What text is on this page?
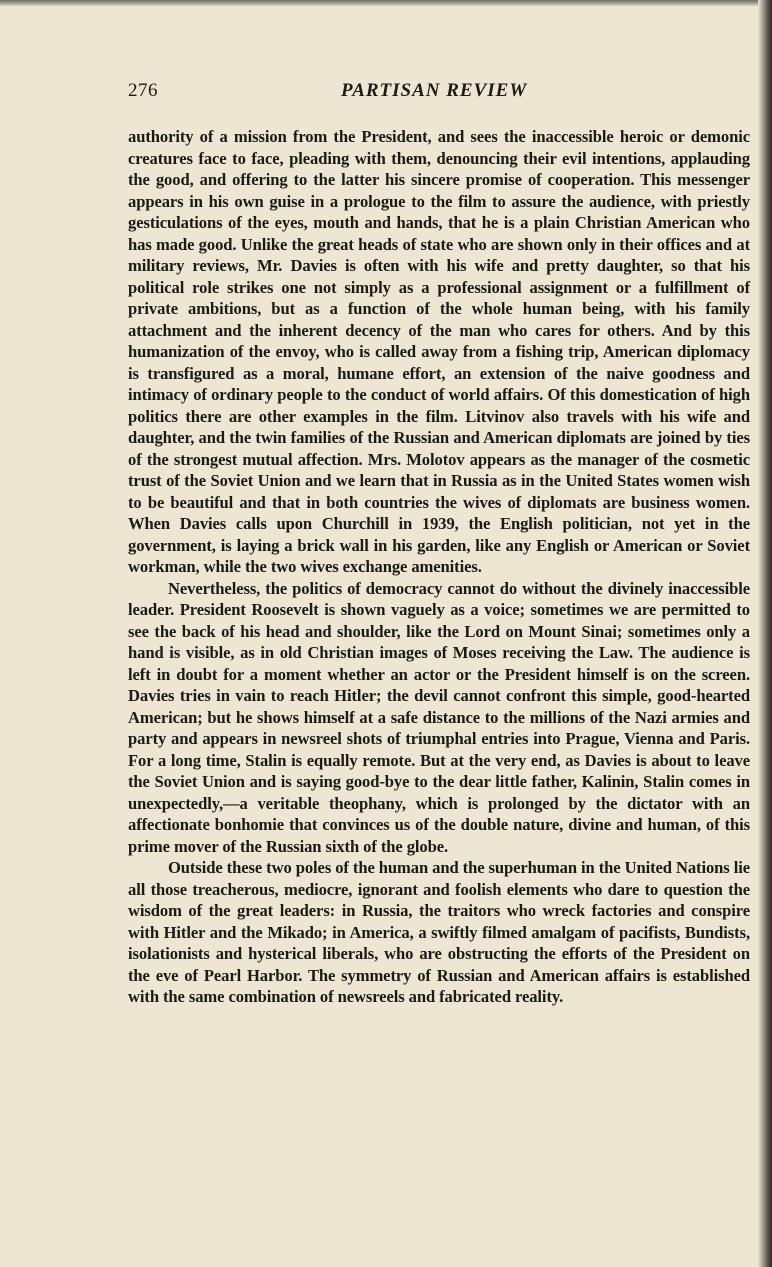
276	PARTISAN REVIEW

authority of a mission from the President, and sees the inaccessible heroic or demonic creatures face to face, pleading with them, denouncing their evil intentions, applauding the good, and offering to the latter his sincere promise of cooperation. This messenger appears in his own guise in a prologue to the film to assure the audience, with priestly gesticulations of the eyes, mouth and hands, that he is a plain Christian American who has made good. Unlike the great heads of state who are shown only in their offices and at military reviews, Mr. Davies is often with his wife and pretty daughter, so that his political role strikes one not simply as a professional assignment or a fulfillment of private ambitions, but as a function of the whole human being, with his family attachment and the inherent decency of the man who cares for others. And by this humanization of the envoy, who is called away from a fishing trip, American diplomacy is transfigured as a moral, humane effort, an extension of the naive goodness and intimacy of ordinary people to the conduct of world affairs. Of this domestication of high politics there are other examples in the film. Litvinov also travels with his wife and daughter, and the twin families of the Russian and American diplomats are joined by ties of the strongest mutual affection. Mrs. Molotov appears as the manager of the cosmetic trust of the Soviet Union and we learn that in Russia as in the United States women wish to be beautiful and that in both countries the wives of diplomats are business women. When Davies calls upon Churchill in 1939, the English politician, not yet in the government, is laying a brick wall in his garden, like any English or American or Soviet workman, while the two wives exchange amenities.

Nevertheless, the politics of democracy cannot do without the divinely inaccessible leader. President Roosevelt is shown vaguely as a voice; sometimes we are permitted to see the back of his head and shoulder, like the Lord on Mount Sinai; sometimes only a hand is visible, as in old Christian images of Moses receiving the Law. The audience is left in doubt for a moment whether an actor or the President himself is on the screen. Davies tries in vain to reach Hitler; the devil cannot confront this simple, good-hearted American; but he shows himself at a safe distance to the millions of the Nazi armies and party and appears in newsreel shots of triumphal entries into Prague, Vienna and Paris. For a long time, Stalin is equally remote. But at the very end, as Davies is about to leave the Soviet Union and is saying good-bye to the dear little father, Kalinin, Stalin comes in unexpectedly,—a veritable theophany, which is prolonged by the dictator with an affectionate bonhomie that convinces us of the double nature, divine and human, of this prime mover of the Russian sixth of the globe.

Outside these two poles of the human and the superhuman in the United Nations lie all those treacherous, mediocre, ignorant and foolish elements who dare to question the wisdom of the great leaders: in Russia, the traitors who wreck factories and conspire with Hitler and the Mikado; in America, a swiftly filmed amalgam of pacifists, Bundists, isolationists and hysterical liberals, who are obstructing the efforts of the President on the eve of Pearl Harbor. The symmetry of Russian and American affairs is established with the same combination of newsreels and fabricated reality.
